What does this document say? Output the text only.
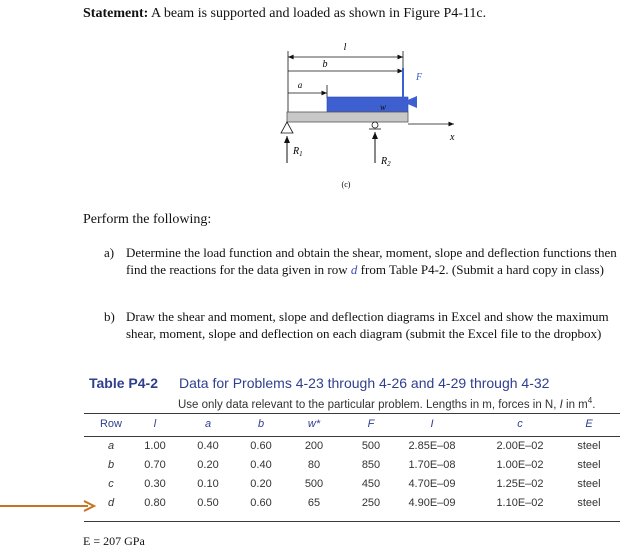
Statement: A beam is supported and loaded as shown in Figure P4-11c.
l
b
a
w
F
x
$R_1$
$R_2$
(c)
Perform the following:
a) Determine the load function and obtain the shear, moment, slope and deflection functions then find the reactions for the data given in row d from Table P4-2. (Submit a hard copy in class)
b) Draw the shear and moment, slope and deflection diagrams in Excel and show the maximum shear, moment, slope and deflection on each diagram (submit the Excel file to the dropbox)
Table P4-2 Data for Problems 4-23 through 4-26 and 4-29 through 4-32
Use only data relevant to the particular problem. Lengths in m, forces in N, I in $m^4$.
Row	l	a	b	w*	F	I	c	E
a	1.00	0.40	0.60	200	500	2.85E–08	2.00E–02	steel
b	0.70	0.20	0.40	80	850	1.70E–08	1.00E–02	steel
c	0.30	0.10	0.20	500	450	4.70E–09	1.25E–02	steel
d	0.80	0.50	0.60	65	250	4.90E–09	1.10E–02	steel
E = 207 GPa
